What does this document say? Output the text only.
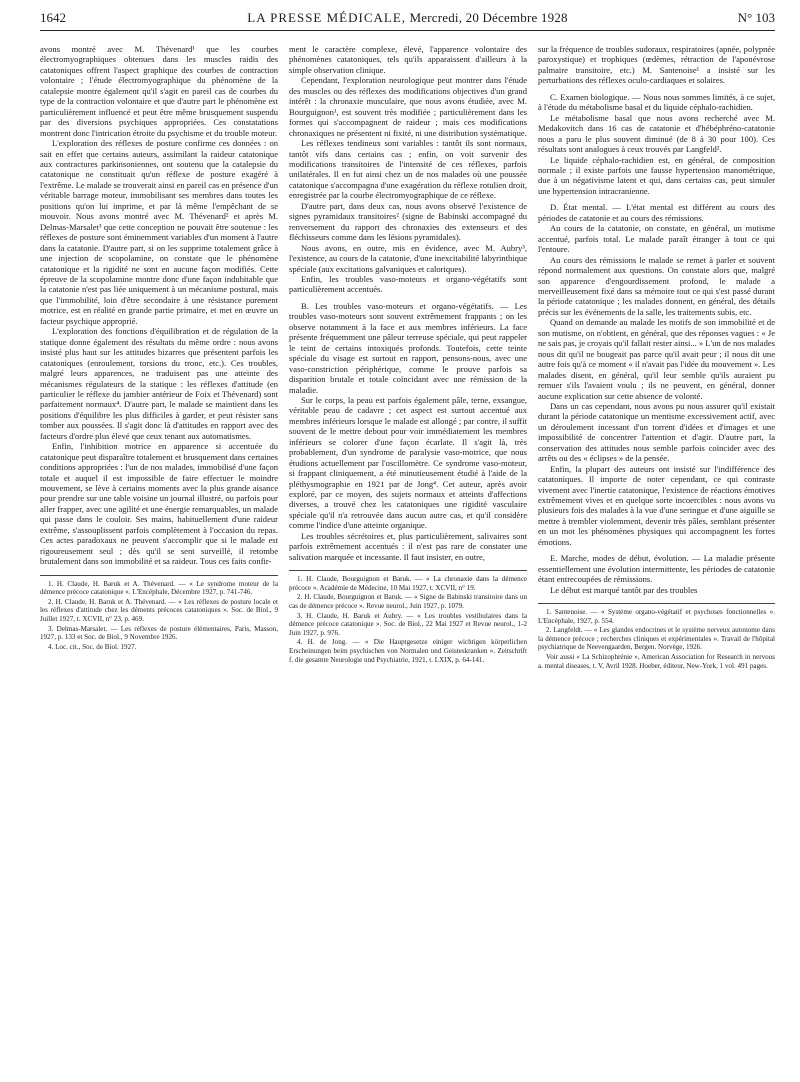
1642	LA PRESSE MÉDICALE, Mercredi, 20 Décembre 1928	N° 103

avons montré avec M. Thévenard¹ que les courbes électromyographiques obtenues dans les muscles raidis des catatoniques offrent l'aspect graphique des courbes de contraction volontaire ; l'étude électromyographique du phénomène de la catalepsie montre également qu'il s'agit en pareil cas de courbes du type de la contraction volontaire et que d'autre part le phénomène est particulièrement influencé et peut être même brusquement suspendu par des diversions psychiques appropriées. Ces constatations montrent donc l'intrication étroite du psychisme et du trouble moteur.

L'exploration des réflexes de posture confirme ces données : on sait en effet que certains auteurs, assimilant la raideur catatonique aux contractures parkinsoniennes, ont soutenu que la catalepsie du catatonique ne constituait qu'un réflexe de posture exagéré à l'extrême. Le malade se trouverait ainsi en pareil cas en présence d'un véritable barrage moteur, immobilisant ses membres dans toutes les positions qu'on lui imprime, et par là même l'empêchant de se mouvoir. Nous avons montré avec M. Thévenard² et après M. Delmas-Marsalet³ que cette conception ne pouvait être soutenue : les réflexes de posture sont éminemment variables d'un moment à l'autre dans la catatonie. D'autre part, si on les supprime totalement grâce à une injection de scopolamine, on constate que le phénomène catatonique et la rigidité ne sont en aucune façon modifiés. Cette épreuve de la scopolamine montre donc d'une façon indubitable que la catatonie n'est pas liée uniquement à un mécanisme postural, mais que l'immobilité, loin d'être secondaire à une résistance purement motrice, est en réalité en grande partie primaire, et met en œuvre un facteur psychique approprié.

L'exploration des fonctions d'équilibration et de régulation de la statique donne également des résultats du même ordre : nous avons insisté plus haut sur les attitudes bizarres que présentent parfois les catatoniques (enroulement, torsions du tronc, etc.). Ces troubles, malgré leurs apparences, ne traduisent pas une atteinte des mécanismes régulateurs de la statique : les réflexes d'attitude (en particulier le réflexe du jambier antérieur de Foix et Thévenard) sont parfaitement normaux⁴. D'autre part, le malade se maintient dans les positions d'équilibre les plus difficiles à garder, et peut résister sans tomber aux poussées. Il s'agit donc là d'attitudes en rapport avec des facteurs d'ordre plus élevé que ceux tenant aux automatismes.

Enfin, l'inhibition motrice en apparence si accentuée du catatonique peut disparaître totalement et brusquement dans certaines conditions appropriées : l'un de nos malades, immobilisé d'une façon totale et auquel il est impossible de faire effectuer le moindre mouvement, se lève à certains moments avec la plus grande aisance pour prendre sur une table voisine un journal illustré, ou parfois pour aller frapper, avec une agilité et une énergie remarquables, un malade qui passe dans le couloir. Ses mains, habituellement d'une raideur extrême, s'assouplissent parfois complètement à l'occasion du repas. Ces actes paradoxaux ne peuvent s'accomplir que si le malade est rigoureusement seul ; dès qu'il se sent surveillé, il retombe brutalement dans son immobilité et sa raideur. Tous ces faits confir-

1. H. Claude, H. Baruk et A. Thévenard. — « Le syndrome moteur de la démence précoce catatonique ». L'Encéphale, Décembre 1927, p. 741-746.

2. H. Claude, H. Baruk et A. Thévenard. — « Les réflexes de posture locale et les réflexes d'attitude chez les déments précoces catatoniques ». Soc. de Biol., 9 Juillet 1927, t. XCVII, n° 23, p. 469.

3. Delmas-Marsalet. — Les réflexes de posture élémentaires, Paris, Masson, 1927, p. 133 et Soc. de Biol., 9 Novembre 1926.

4. Loc. cit., Soc. de Biol. 1927.

ment le caractère complexe, élevé, l'apparence volontaire des phénomènes catatoniques, tels qu'ils apparaissent d'ailleurs à la simple observation clinique.

Cependant, l'exploration neurologique peut montrer dans l'étude des muscles ou des réflexes des modifications objectives d'un grand intérêt : la chronaxie musculaire, que nous avons étudiée, avec M. Bourguignon¹, est souvent très modifiée ; particulièrement dans les formes qui s'accompagnent de raideur ; mais ces modifications chronaxiques ne présentent ni fixité, ni une distribution systématique.

Les réflexes tendineux sont variables : tantôt ils sont normaux, tantôt vifs dans certains cas ; enfin, on voit survenir des modifications transitoires de l'intensité de ces réflexes, parfois unilatérales. Il en fut ainsi chez un de nos malades où une poussée catatonique s'accompagna d'une exagération du réflexe rotulien droit, enregistrée par la courbe électromyographique de ce réflexe.

D'autre part, dans deux cas, nous avons observé l'existence de signes pyramidaux transitoires² (signe de Babinski accompagné du renversement du rapport des chronaxies des extenseurs et des fléchisseurs comme dans les lésions pyramidales).

Nous avons, en outre, mis en évidence, avec M. Aubry³, l'existence, au cours de la catatonie, d'une inexcitabilité labyrinthique spéciale (aux excitations galvaniques et caloriques).

Enfin, les troubles vaso-moteurs et organo-végétatifs sont particulièrement accentués.

B. Les troubles vaso-moteurs et organo-végétatifs. — Les troubles vaso-moteurs sont souvent extrêmement frappants ; on les observe notamment à la face et aux membres inférieurs. La face présente fréquemment une pâleur terreuse spéciale, qui peut rappeler le teint de certains intoxiqués profonds. Toutefois, cette teinte spéciale du visage est surtout en rapport, pensons-nous, avec une vaso-constriction périphérique, comme le prouve parfois sa disparition brutale et totale coïncidant avec une rémission de la maladie.

Sur le corps, la peau est parfois également pâle, terne, exsangue, véritable peau de cadavre ; cet aspect est surtout accentué aux membres inférieurs lorsque le malade est allongé ; par contre, il suffit souvent de le mettre debout pour voir immédiatement les membres inférieurs se colorer d'une façon écarlate. Il s'agit là, très probablement, d'un syndrome de paralysie vaso-motrice, que nous étudions actuellement par l'oscillomètre. Ce syndrome vaso-moteur, si frappant cliniquement, a été minutieusement étudié à l'aide de la pléthysmographie en 1921 par de Jong⁴. Cet auteur, après avoir exploré, par ce moyen, des sujets normaux et atteints d'affections diverses, a trouvé chez les catatoniques une rigidité vasculaire spéciale qu'il n'a retrouvée dans aucun autre cas, et qu'il considère comme l'indice d'une atteinte organique.

Les troubles sécrétoires et, plus particulièrement, salivaires sont parfois extrêmement accentués : il n'est pas rare de constater une salivation marquée et incessante. Il faut insister, en outre,

1. H. Claude, Bourguignon et Baruk. — « La chronaxie dans la démence précoce ». Académie de Médecine, 10 Mai 1927, t. XCVII, n° 19.

2. H. Claude, Bourguignon et Baruk. — « Signe de Babinski transitoire dans un cas de démence précoce ». Revue neurol., Juin 1927, p. 1079.

3. H. Claude, H. Baruk et Aubry. — « Les troubles vestibulaires dans la démence précoce catatonique ». Soc. de Biol., 22 Mai 1927 et Revue neurol., 1-2 Juin 1927, p. 976.

4. H. de Jong. — « Die Hauptgesetze einiger wichtigen körperlichen Erscheinungen beim psychischen von Normalen und Geisteskranken ». Zeitschrift f. die gesamte Neurologie und Psychiatrie, 1921, t. LXIX, p. 64-141.

sur la fréquence de troubles sudoraux, respiratoires (apnée, polypnée paroxystique) et trophiques (œdèmes, rétraction de l'aponévrose palmaire transitoire, etc.) M. Santenoise¹ a insisté sur les perturbations des réflexes oculo-cardiaques et solaires.

C. Examen biologique. — Nous nous sommes limités, à ce sujet, à l'étude du métabolisme basal et du liquide céphalo-rachidien.

Le métabolisme basal que nous avons recherché avec M. Medakovitch dans 16 cas de catatonie et d'hébéphréno-catatonie nous a paru le plus souvent diminué (de 8 à 30 pour 100). Ces résultats sont analogues à ceux trouvés par Langfeld².

Le liquide céphalo-rachidien est, en général, de composition normale ; il existe parfois une fausse hypertension manométrique, due à un négativisme latent et qui, dans certains cas, peut simuler une hypertension intracranienne.

D. État mental. — L'état mental est différent au cours des périodes de catatonie et au cours des rémissions.

Au cours de la catatonie, on constate, en général, un mutisme accentué, parfois total. Le malade paraît étranger à tout ce qui l'entoure.

Au cours des rémissions le malade se remet à parler et souvent répond normalement aux questions. On constate alors que, malgré son apparence d'engourdissement profond, le malade a merveilleusement fixé dans sa mémoire tout ce qui s'est passé durant la période catatonique ; les malades donnent, en général, des détails précis sur les événements de la salle, les traitements subis, etc.

Quand on demande au malade les motifs de son immobilité et de son mutisme, on n'obtient, en général, que des réponses vagues : « Je ne sais pas, je croyais qu'il fallait rester ainsi... » L'un de nos malades nous dit qu'il ne bougeait pas parce qu'il avait peur ; il nous dit une autre fois qu'à ce moment « il n'avait pas l'idée du mouvement ». Les malades disent, en général, qu'il leur semble qu'ils auraient pu remuer s'ils l'avaient voulu ; ils ne peuvent, en général, donner aucune explication sur cette absence de volonté.

Dans un cas cependant, nous avons pu nous assurer qu'il existait durant la période catatonique un mentisme excessivement actif, avec un déroulement incessant d'un torrent d'idées et d'images et une impossibilité de concentrer l'attention et d'agir. D'autre part, la conservation des attitudes nous semble parfois coïncider avec des arrêts ou des « éclipses » de la pensée.

Enfin, la plupart des auteurs ont insisté sur l'indifférence des catatoniques. Il importe de noter cependant, ce qui contraste vivement avec l'inertie catatonique, l'existence de réactions émotives extrêmement vives et en quelque sorte incoercibles : nous avons vu plusieurs fois des malades à la vue d'une seringue et d'une aiguille se mettre à trembler violemment, devenir très pâles, semblant présenter en un mot les phénomènes physiques qui accompagnent les fortes émotions.

E. Marche, modes de début, évolution. — La maladie présente essentiellement une évolution intermittente, les périodes de catatonie étant entrecoupées de rémissions.

Le début est marqué tantôt par des troubles

1. Santenoise. — « Système organo-végétatif et psychoses fonctionnelles ». L'Encéphale, 1927, p. 554.

2. Langfeldt. — « Les glandes endocrines et le système nerveux autonome dans la démence précoce ; recherches cliniques et expérimentales ». Travail de l'hôpital psychiatrique de Neevengaarden, Bergen. Norvège, 1926.

Voir aussi « La Schizophrénie », American Association for Research in nervous a. mental diseases, t. V, Avril 1928. Hoeber, éditeur, New-York, 1 vol. 491 pages.
